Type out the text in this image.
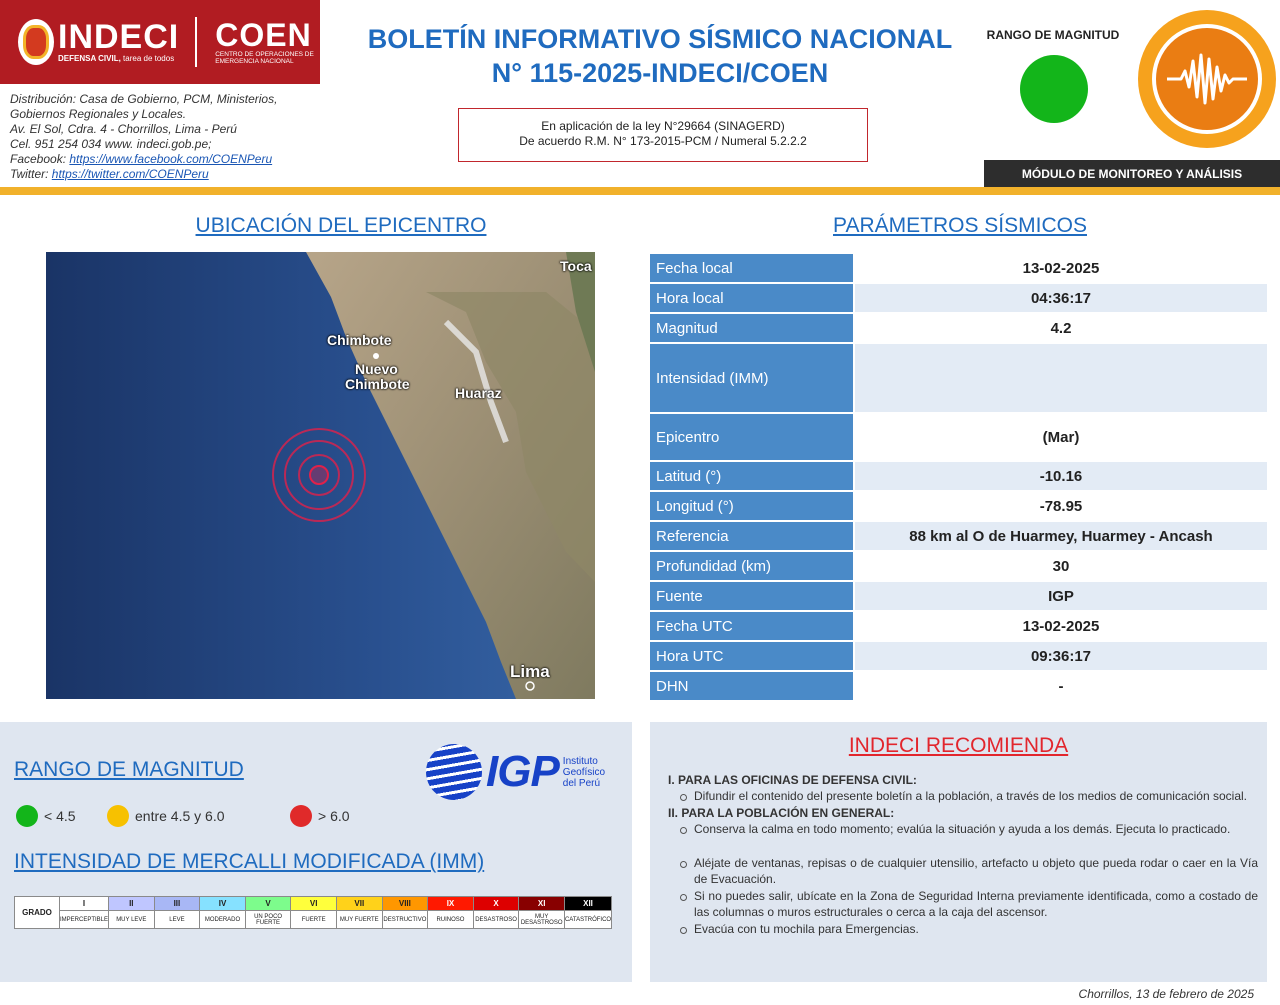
INDECI
DEFENSA CIVIL, tarea de todos
COEN
CENTRO DE OPERACIONES DE EMERGENCIA NACIONAL
Distribución: Casa de Gobierno, PCM, Ministerios,
Gobiernos Regionales y Locales.
Av. El Sol, Cdra. 4 - Chorrillos, Lima - Perú
Cel. 951 254 034 www. indeci.gob.pe;
Facebook: https://www.facebook.com/COENPeru
Twitter: https://twitter.com/COENPeru
BOLETÍN INFORMATIVO SÍSMICO NACIONAL
N° 115-2025-INDECI/COEN
En aplicación de la ley N°29664 (SINAGERD)
De acuerdo R.M. N° 173-2015-PCM / Numeral 5.2.2.2
RANGO DE MAGNITUD
MÓDULO DE MONITOREO Y ANÁLISIS
UBICACIÓN DEL EPICENTRO	PARÁMETROS SÍSMICOS
Chimbote
Nuevo
Chimbote
Huaraz
Lima
Toca	Fecha local	13-02-2025
Hora local	04:36:17
Magnitud	4.2
Intensidad (IMM)	
Epicentro	(Mar)
Latitud (°)	-10.16
Longitud (°)	-78.95
Referencia	88 km al O de Huarmey, Huarmey - Ancash
Profundidad (km)	30
Fuente	IGP
Fecha UTC	13-02-2025
Hora UTC	09:36:17
DHN	-
RANGO DE MAGNITUD	IGP Instituto
Geofísico
del Perú
< 4.5	entre 4.5 y 6.0	> 6.0
INTENSIDAD DE MERCALLI MODIFICADA (IMM)
GRADO	I	II	III	IV	V	VI	VII	VIII	IX	X	XI	XII
	IMPERCEPTIBLE	MUY LEVE	LEVE	MODERADO	UN POCO FUERTE	FUERTE	MUY FUERTE	DESTRUCTIVO	RUINOSO	DESASTROSO	MUY DESASTROSO	CATASTRÓFICO
INDECI RECOMIENDA
I. PARA LAS OFICINAS DE DEFENSA CIVIL:
Difundir el contenido del presente boletín a la población, a través de los medios de comunicación social.
II. PARA LA POBLACIÓN EN GENERAL:
Conserva la calma en todo momento; evalúa la situación y ayuda a los demás. Ejecuta lo practicado.
Aléjate de ventanas, repisas o de cualquier utensilio, artefacto u objeto que pueda rodar o caer en la Vía de Evacuación.
Si no puedes salir, ubícate en la Zona de Seguridad Interna previamente identificada, como a costado de las columnas o muros estructurales o cerca a la caja del ascensor.
Evacúa con tu mochila para Emergencias.
Chorrillos, 13 de febrero de 2025
